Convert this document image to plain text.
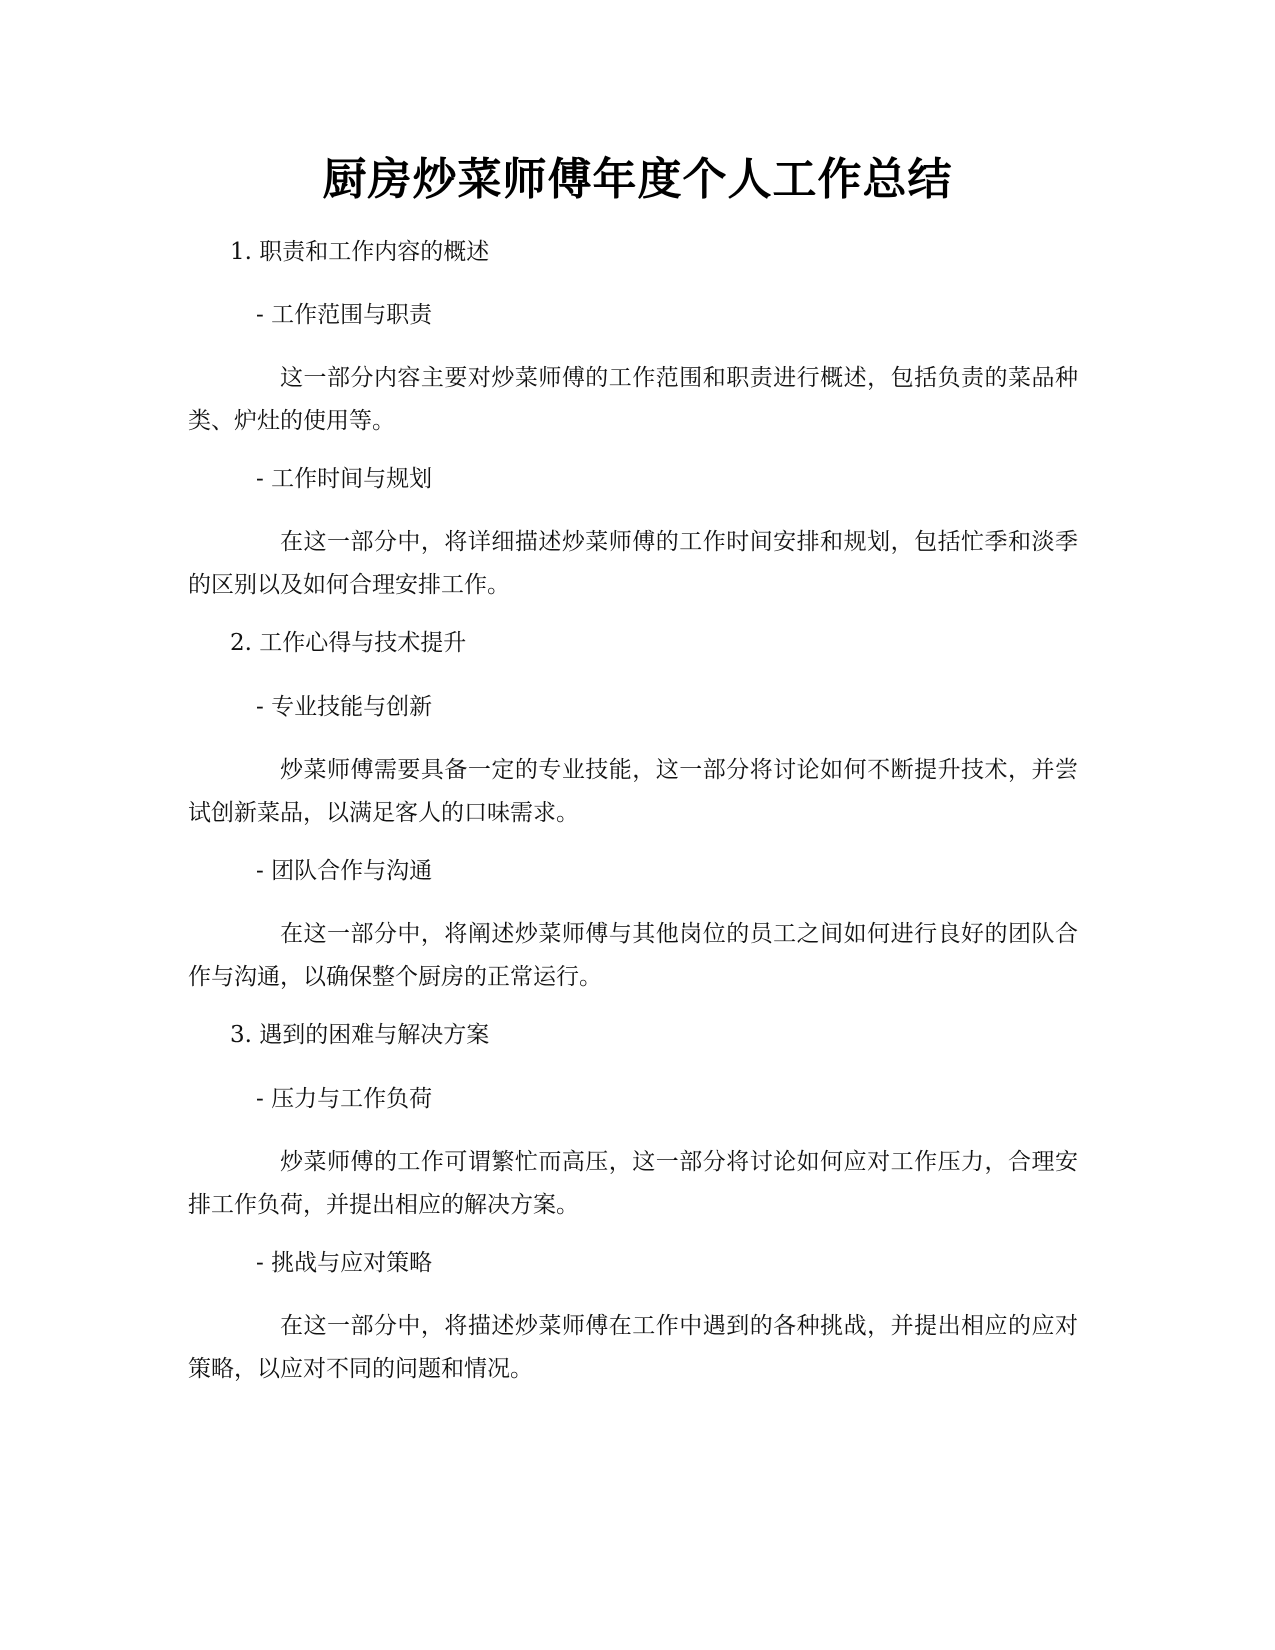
厨房炒菜师傅年度个人工作总结
1. 职责和工作内容的概述
- 工作范围与职责
这一部分内容主要对炒菜师傅的工作范围和职责进行概述，包括负责的菜品种类、炉灶的使用等。
- 工作时间与规划
在这一部分中，将详细描述炒菜师傅的工作时间安排和规划，包括忙季和淡季的区别以及如何合理安排工作。
2. 工作心得与技术提升
- 专业技能与创新
炒菜师傅需要具备一定的专业技能，这一部分将讨论如何不断提升技术，并尝试创新菜品，以满足客人的口味需求。
- 团队合作与沟通
在这一部分中，将阐述炒菜师傅与其他岗位的员工之间如何进行良好的团队合作与沟通，以确保整个厨房的正常运行。
3. 遇到的困难与解决方案
- 压力与工作负荷
炒菜师傅的工作可谓繁忙而高压，这一部分将讨论如何应对工作压力，合理安排工作负荷，并提出相应的解决方案。
- 挑战与应对策略
在这一部分中，将描述炒菜师傅在工作中遇到的各种挑战，并提出相应的应对策略，以应对不同的问题和情况。
